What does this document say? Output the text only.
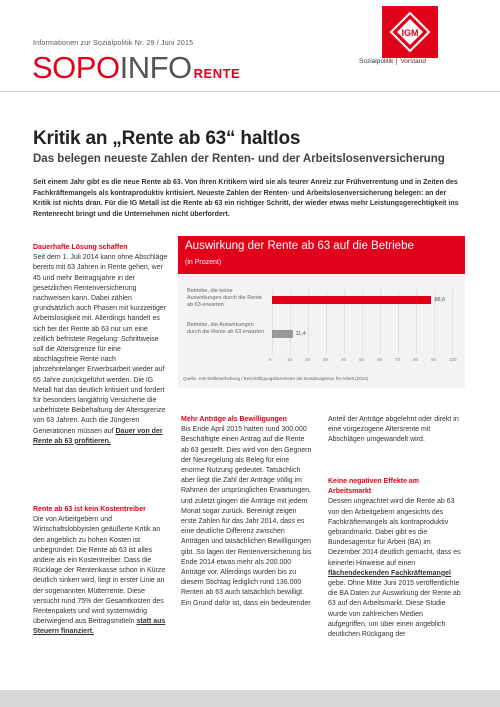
Informationen zur Sozialpolitik Nr. 29 / Juni 2015
SOPOINFO RENTE
IGM
Sozialpolitik Vorstand
Kritik an „Rente ab 63“ haltlos
Das belegen neueste Zahlen der Renten- und der Arbeitslosenversicherung

Seit einem Jahr gibt es die neue Rente ab 63. Von ihren Kritikern wird sie als teurer Anreiz zur Frühverrentung und in Zeiten des Fachkräftemangels als kontraproduktiv kritisiert. Neueste Zahlen der Renten- und Arbeitslosenversicherung belegen: an der Kritik ist nichts dran. Für die IG Metall ist die Rente ab 63 ein richtiger Schritt, der wieder etwas mehr Leistungsgerechtigkeit ins Rentenrecht bringt und die Unternehmen nicht überfordert.

Dauerhafte Lösung schaffen

Seit dem 1. Juli 2014 kann ohne Abschläge bereits mit 63 Jahren in Rente gehen, wer 45 und mehr Beitragsjahre in der gesetzlichen Rentenversicherung nachweisen kann. Dabei zählen grundsätzlich auch Phasen mit kurzzeitiger Arbeitslosigkeit mit. Allerdings handelt es sich bei der Rente ab 63 nur um eine zeitlich befristete Regelung: Schrittweise soll die Altersgrenze für eine abschlagsfreie Rente nach jahrzehntelanger Erwerbsarbeit wieder auf 65 Jahre zurückgeführt werden. Die IG Metall hat das deutlich kritisiert und fordert für besonders langjährig Versicherte die unbefristete Beibehaltung der Altersgrenze von 63 Jahren. Auch die Jüngeren Generationen müssen auf Dauer von der Rente ab 63 profitieren.

Rente ab 63 ist kein Kostentreiber

Die von Arbeitgebern und Wirtschaftslobbyisten geäußerte Kritik an den angeblich zu hohen Kosten ist unbegründet: Die Rente ab 63 ist alles andere als ein Kostentreiber. Dass die Rücklage der Rentenkasse schon in Kürze deutlich sinken wird, liegt in erster Linie an der sogenannten Mütterrente. Diese versucht rund 75% der Gesamtkosten des Rentenpakets und wird systemwidrig überwiegend aus Beitragsmitteln statt aus Steuern finanziert.

Auswirkung der Rente ab 63 auf die Betriebe
(in Prozent)
0	10	20	30	40	50	60	70	80	90	100
Betriebe, die keine Auswirkungen durch die Rente ab 63 erwarten
88,6
Betriebe, die Auswirkungen durch die Rente ab 63 erwarten	11,4
Quelle: IAB-Stellenerhebung / Beschäftigungsbarometer der Bundesagentur für Arbeit (2015)

Mehr Anträge als Bewilligungen

Bis Ende April 2015 hatten rund 300.000 Beschäftigte einen Antrag auf die Rente ab 63 gestellt. Dies wird von den Gegnern der Neuregelung als Beleg für eine enorme Nutzung gedeutet. Tatsächlich aber liegt die Zahl der Anträge völlig im Rahmen der ursprünglichen Erwartungen, und zuletzt gingen die Anträge mit jedem Monat sogar zurück. Bereinigt zeigen erste Zahlen für das Jahr 2014, dass es eine deutliche Differenz zwischen Anträgen und tatsächlichen Bewilligungen gibt. So lagen der Rentenversicherung bis Ende 2014 etwas mehr als 200.000 Anträge vor. Allerdings wurden bis zu diesem Stichtag lediglich rund 136.000 Renten ab 63 auch tatsächlich bewilligt. Ein Grund dafür ist, dass ein bedeutender

Anteil der Anträge abgelehnt oder direkt in eine vorgezogene Altersrente mit Abschlägen umgewandelt wird.

Keine negativen Effekte am

Arbeitsmarkt

Dessen ungeachtet wird die Rente ab 63 von den Arbeitgebern angesichts des Fachkräftemangels als kontraproduktiv gebrandmarkt. Dabei gibt es die Bundesagentur für Arbeit (BA) im Dezember 2014 deutlich gemacht, dass es keinerlei Hinweise auf einen flächendeckenden Fachkräftemangel gebe. Ohne Mitte Juni 2015 veröffentlichte die BA Daten zur Auswirkung der Rente ab 63 auf den Arbeitsmarkt. Diese Studie wurde von zahlreichen Medien aufgegriffen, um über einen angeblich deutlichen Rückgang der
